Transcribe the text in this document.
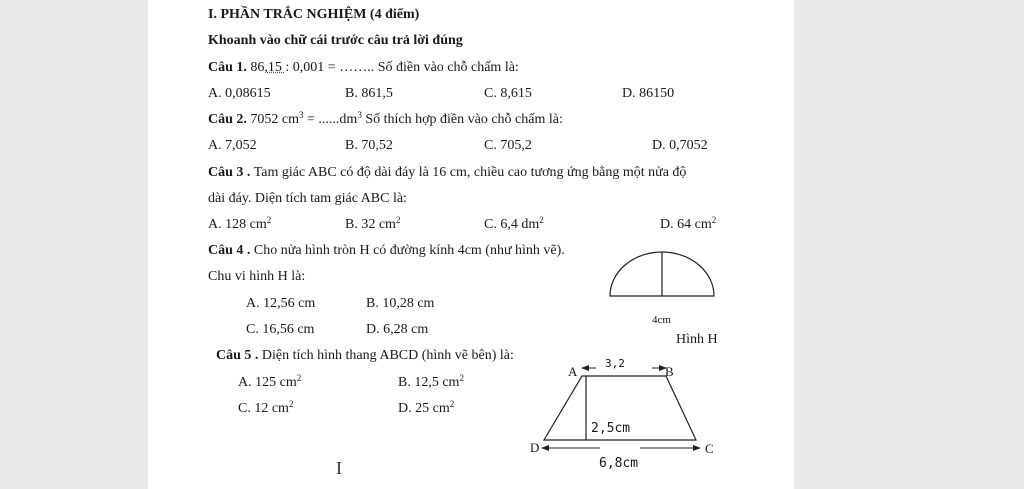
I. PHẦN TRẮC NGHIỆM (4 điểm)
Khoanh vào chữ cái trước câu trả lời đúng
Câu 1. 86,15 : 0,001 = …….. Số điền vào chỗ chấm là:
A. 0,08615	B. 861,5	C. 8,615	D. 86150
Câu 2. 7052 $cm^3 = ......dm^3$ Số thích hợp điền vào chỗ chấm là:
A. 7,052	B. 70,52	C. 705,2	D. 0,7052
Câu 3 . Tam giác ABC có độ dài đáy là 16 cm, chiều cao tương ứng bằng một nửa độ
dài đáy. Diện tích tam giác ABC là:
A. 128 $cm^2$	B. 32 $cm^2$	C. 6,4 $dm^2$	D. 64 $cm^2$
Câu 4 . Cho nửa hình tròn H có đường kính 4cm (như hình vẽ).
Chu vi hình H là:
A. 12,56 cm	B. 10,28 cm
C. 16,56 cm	D. 6,28 cm
4cm
Hình H
Câu 5 . Diện tích hình thang ABCD (hình vẽ bên) là:
A. 125 $cm^2$	B. 12,5 $cm^2$
C. 12 $cm^2$	D. 25 $cm^2$
A	B
C
D
3,2
2,5cm
6,8cm
I
